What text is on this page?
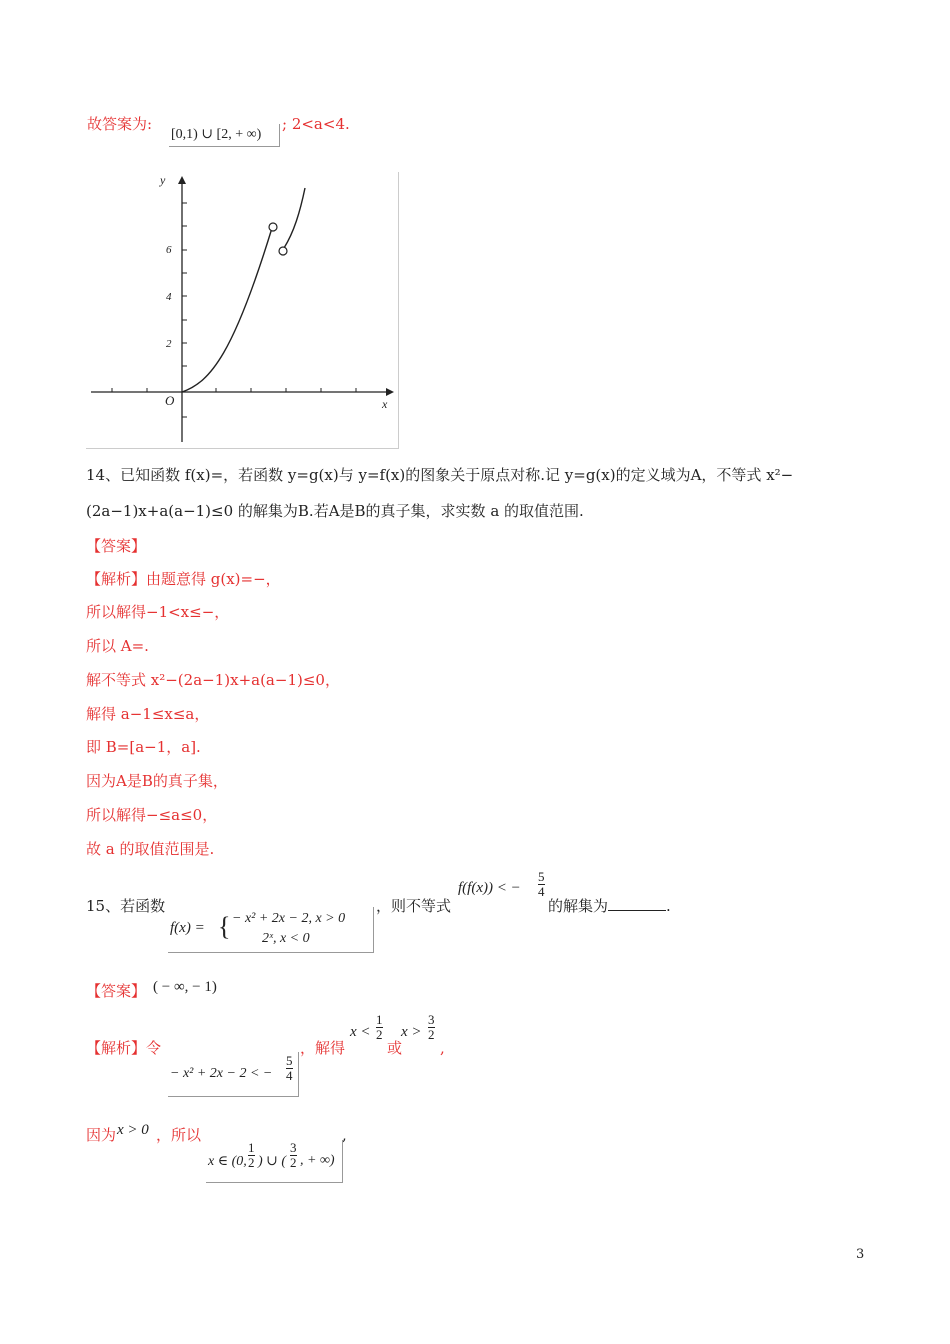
故答案为:
[0,1) ∪ [2, + ∞)
; 2<a<4.
2
4
6
y
x
O
14、已知函数 f(x)=，若函数 y=g(x)与 y=f(x)的图象关于原点对称.记 y=g(x)的定义域为A，不等式 x²−
(2a−1)x+a(a−1)≤0 的解集为B.若A是B的真子集，求实数 a 的取值范围.
【答案】
【解析】由题意得 g(x)=−，
所以解得−1<x≤−，
所以 A=.
解不等式 x²−(2a−1)x+a(a−1)≤0，
解得 a−1≤x≤a，
即 B=[a−1，a].
因为A是B的真子集，
所以解得−≤a≤0，
故 a 的取值范围是.
15、若函数
f(x) = { − x² + 2x − 2, x > 0
2ˣ, x < 0
，则不等式
f(f(x)) < − $\frac{5}{4}$
的解集为	.
【答案】 ( − ∞, − 1)
【解析】令
− x² + 2x − 2 < − $\frac{5}{4}$
，解得
$x < \frac{1}{2}$
或
$x > \frac{3}{2}$
,
因为 x > 0 ，所以	,
x ∈ (0, $\frac{1}{2}$ ) ∪ ( $\frac{3}{2}$ , + ∞)
3
